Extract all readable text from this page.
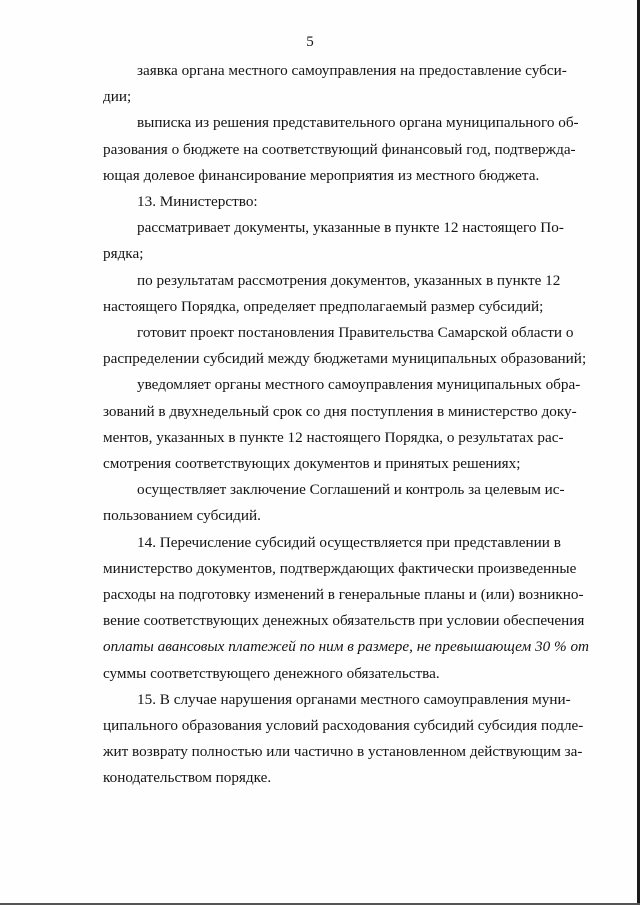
5

заявка органа местного самоуправления на предоставление субси-
дии;

выписка из решения представительного органа муниципального об-
разования о бюджете на соответствующий финансовый год, подтвержда-
ющая долевое финансирование мероприятия из местного бюджета.

13. Министерство:

рассматривает документы, указанные в пункте 12 настоящего По-
рядка;

по результатам рассмотрения документов, указанных в пункте 12
настоящего Порядка, определяет предполагаемый размер субсидий;

готовит проект постановления Правительства Самарской области о
распределении субсидий между бюджетами муниципальных образований;

уведомляет органы местного самоуправления муниципальных обра-
зований в двухнедельный срок со дня поступления в министерство доку-
ментов, указанных в пункте 12 настоящего Порядка, о результатах рас-
смотрения соответствующих документов и принятых решениях;

осуществляет заключение Соглашений и контроль за целевым ис-
пользованием субсидий.

14. Перечисление субсидий осуществляется при представлении в
министерство документов, подтверждающих фактически произведенные
расходы на подготовку изменений в генеральные планы и (или) возникно-
вение соответствующих денежных обязательств при условии обеспечения
оплаты авансовых платежей по ним в размере, не превышающем 30 % от
суммы соответствующего денежного обязательства.

15. В случае нарушения органами местного самоуправления муни-
ципального образования условий расходования субсидий субсидия подле-
жит возврату полностью или частично в установленном действующим за-
конодательством порядке.
